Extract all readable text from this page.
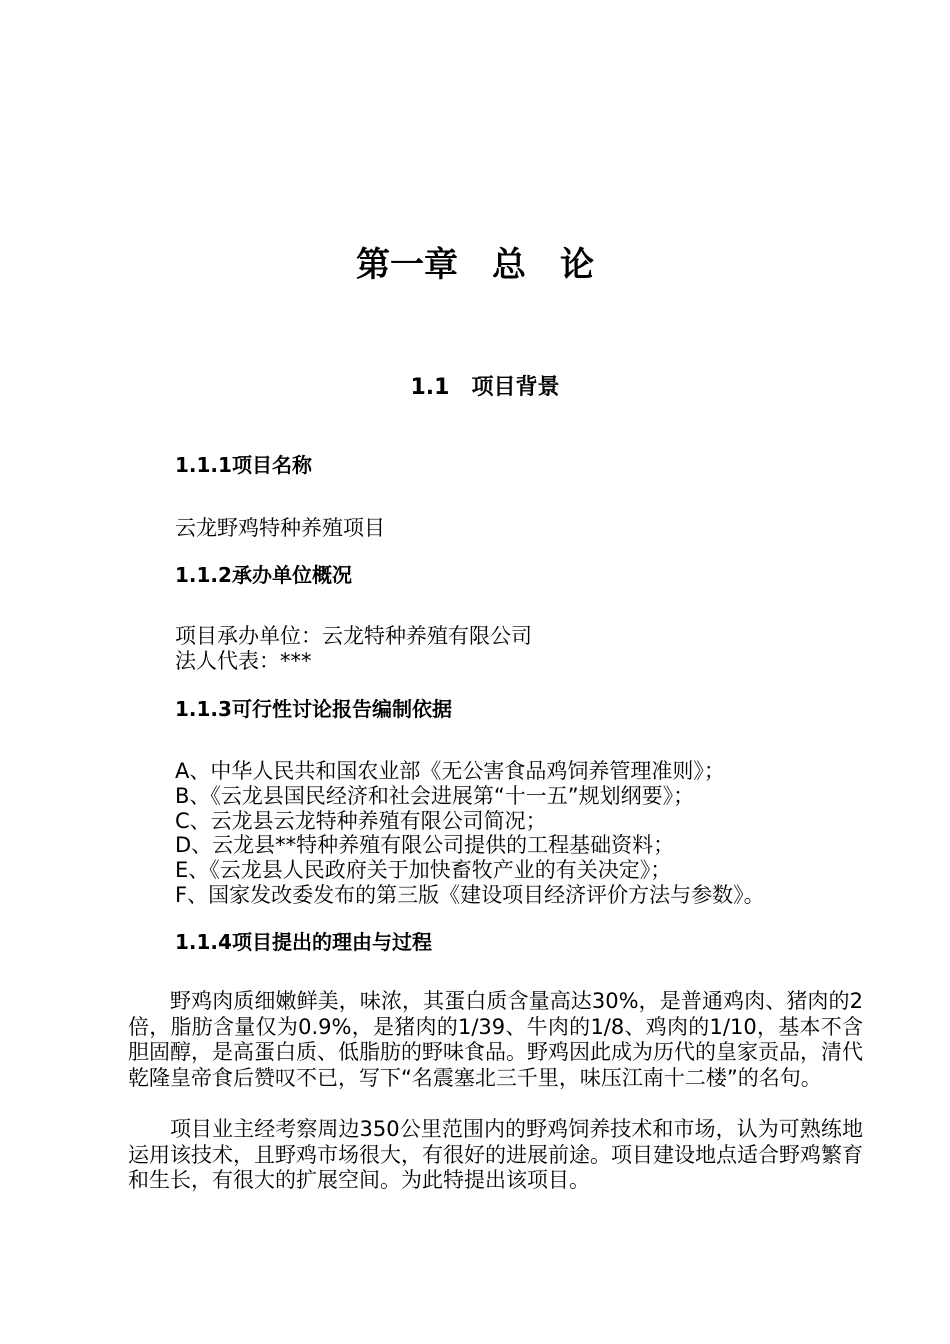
第一章　总　论
1.1　项目背景
1.1.1项目名称
云龙野鸡特种养殖项目
1.1.2承办单位概况
项目承办单位：云龙特种养殖有限公司
法人代表：***
1.1.3可行性讨论报告编制依据
A、中华人民共和国农业部《无公害食品鸡饲养管理准则》；
B、《云龙县国民经济和社会进展第“十一五”规划纲要》；
C、云龙县云龙特种养殖有限公司简况；
D、云龙县**特种养殖有限公司提供的工程基础资料；
E、《云龙县人民政府关于加快畜牧产业的有关决定》；
F、国家发改委发布的第三版《建设项目经济评价方法与参数》。
1.1.4项目提出的理由与过程

野鸡肉质细嫩鲜美，味浓，其蛋白质含量高达30%，是普通鸡肉、猪肉的2倍，脂肪含量仅为0.9%，是猪肉的1/39、牛肉的1/8、鸡肉的1/10，基本不含胆固醇，是高蛋白质、低脂肪的野味食品。野鸡因此成为历代的皇家贡品，清代乾隆皇帝食后赞叹不已，写下“名震塞北三千里，味压江南十二楼”的名句。

项目业主经考察周边350公里范围内的野鸡饲养技术和市场，认为可熟练地运用该技术，且野鸡市场很大，有很好的进展前途。项目建设地点适合野鸡繁育和生长，有很大的扩展空间。为此特提出该项目。
